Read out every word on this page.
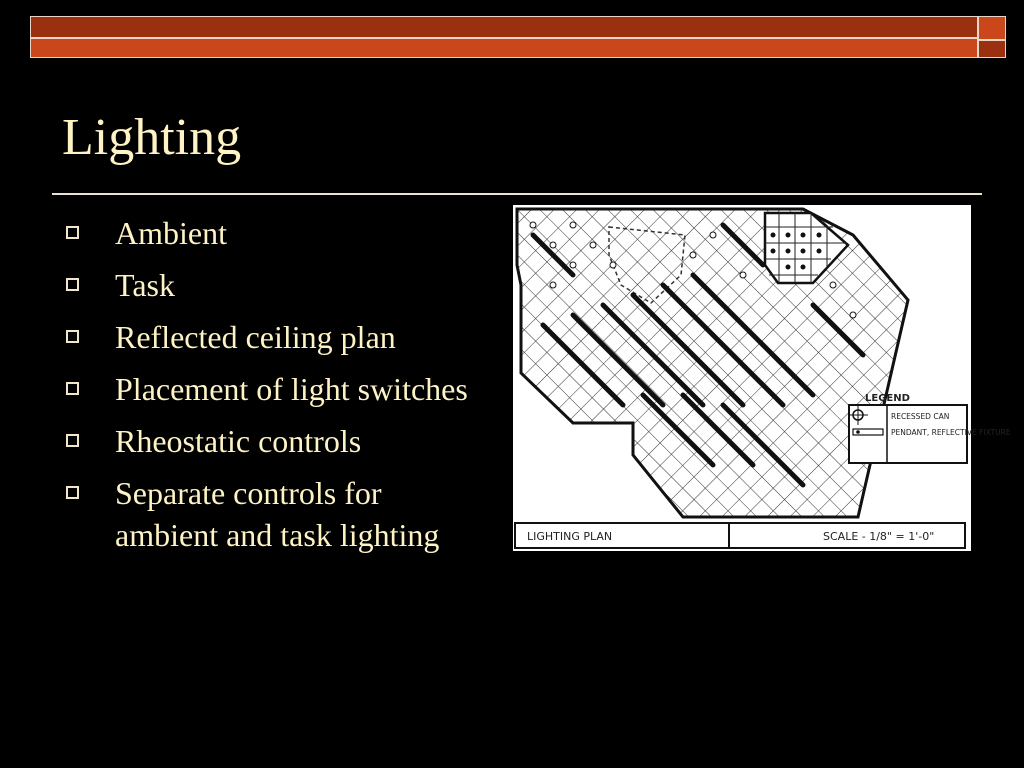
Lighting
Ambient
Task
Reflected ceiling plan
Placement of light switches
Rheostatic controls
Separate controls for ambient and task lighting
LEGEND
RECESSED CAN
PENDANT, REFLECTIVE FIXTURE
LIGHTING PLAN	SCALE - 1/8" = 1'-0"
